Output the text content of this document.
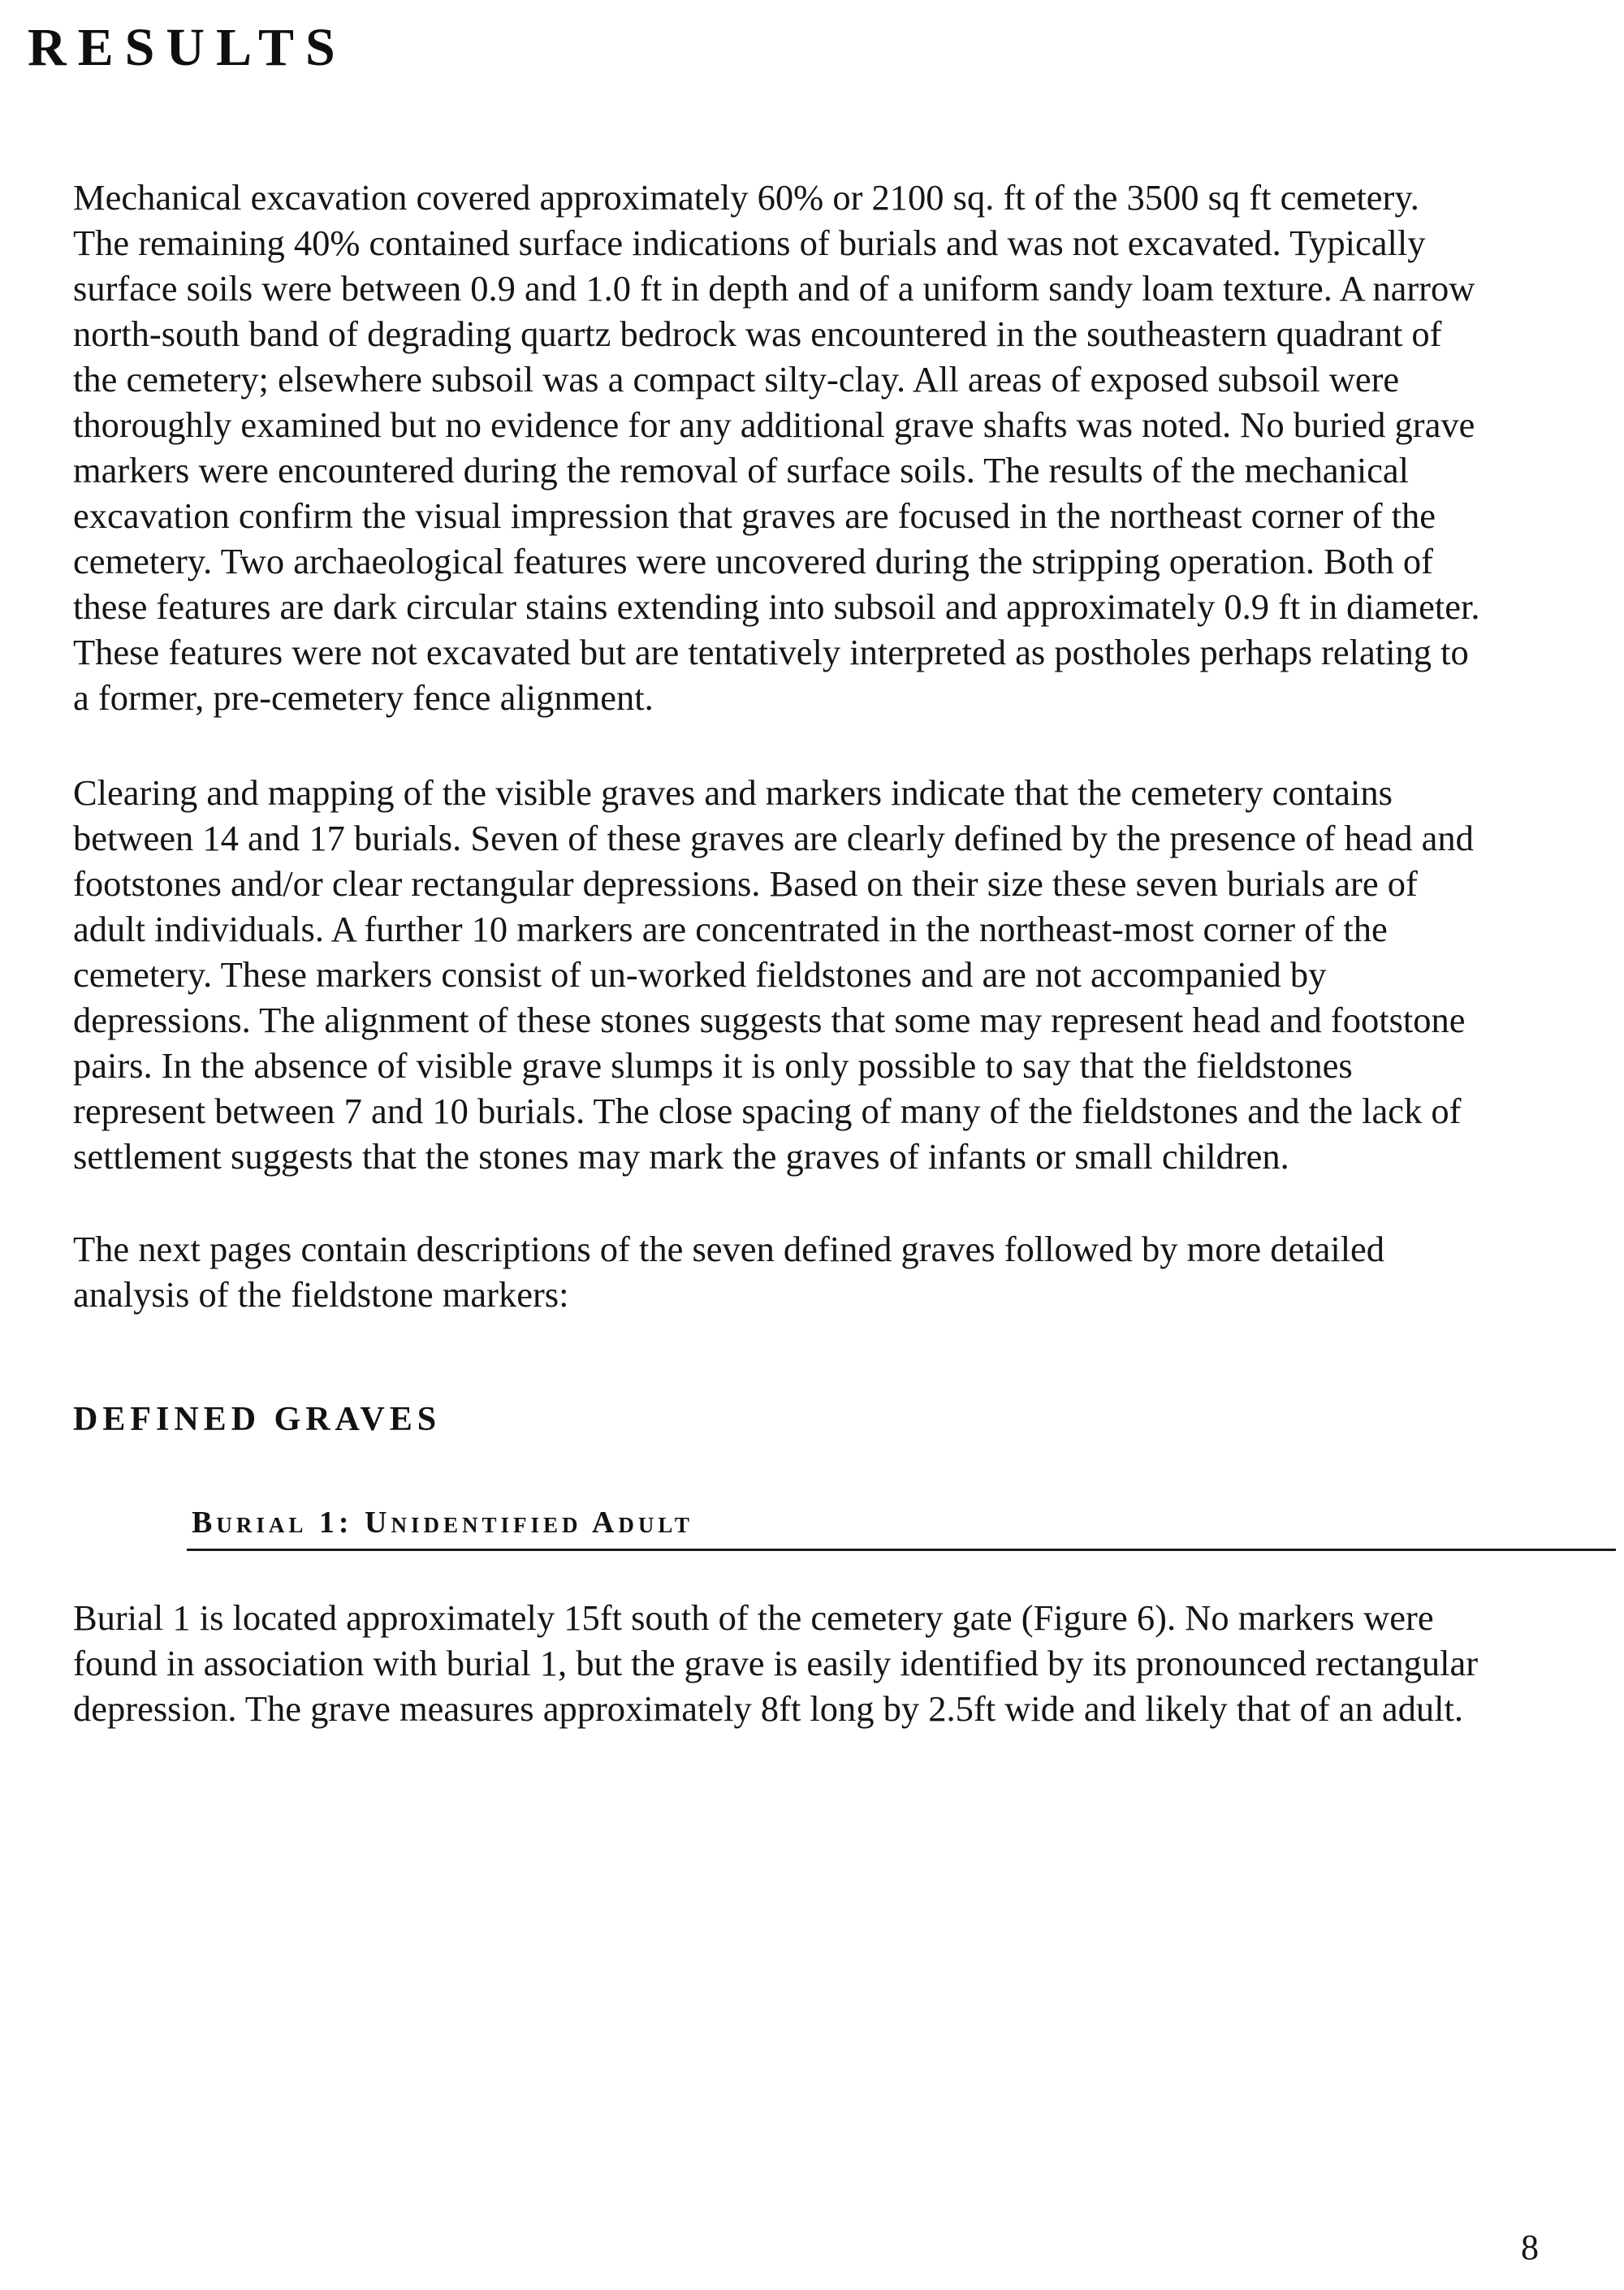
RESULTS

Mechanical excavation covered approximately 60% or 2100 sq. ft of the 3500 sq ft cemetery.
The remaining 40% contained surface indications of burials and was not excavated. Typically
surface soils were between 0.9 and 1.0 ft in depth and of a uniform sandy loam texture. A narrow
north-south band of degrading quartz bedrock was encountered in the southeastern quadrant of
the cemetery; elsewhere subsoil was a compact silty-clay. All areas of exposed subsoil were
thoroughly examined but no evidence for any additional grave shafts was noted. No buried grave
markers were encountered during the removal of surface soils. The results of the mechanical
excavation confirm the visual impression that graves are focused in the northeast corner of the
cemetery. Two archaeological features were uncovered during the stripping operation. Both of
these features are dark circular stains extending into subsoil and approximately 0.9 ft in diameter.
These features were not excavated but are tentatively interpreted as postholes perhaps relating to
a former, pre-cemetery fence alignment.

Clearing and mapping of the visible graves and markers indicate that the cemetery contains
between 14 and 17 burials. Seven of these graves are clearly defined by the presence of head and
footstones and/or clear rectangular depressions. Based on their size these seven burials are of
adult individuals. A further 10 markers are concentrated in the northeast-most corner of the
cemetery. These markers consist of un-worked fieldstones and are not accompanied by
depressions. The alignment of these stones suggests that some may represent head and footstone
pairs. In the absence of visible grave slumps it is only possible to say that the fieldstones
represent between 7 and 10 burials. The close spacing of many of the fieldstones and the lack of
settlement suggests that the stones may mark the graves of infants or small children.

The next pages contain descriptions of the seven defined graves followed by more detailed
analysis of the fieldstone markers:

DEFINED GRAVES
Burial 1: Unidentified Adult

Burial 1 is located approximately 15ft south of the cemetery gate (Figure 6). No markers were
found in association with burial 1, but the grave is easily identified by its pronounced rectangular
depression. The grave measures approximately 8ft long by 2.5ft wide and likely that of an adult.

8
